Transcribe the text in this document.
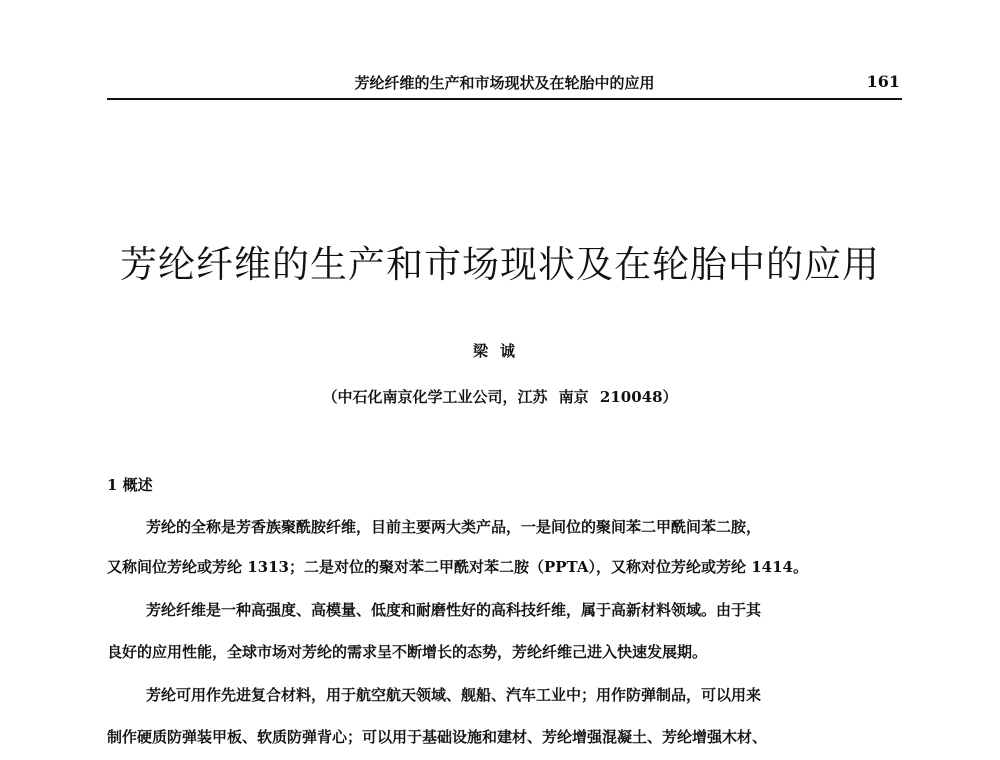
芳纶纤维的生产和市场现状及在轮胎中的应用	161
芳纶纤维的生产和市场现状及在轮胎中的应用
梁诚
（中石化南京化学工业公司，江苏 南京 210048）
1 概述
芳纶的全称是芳香族聚酰胺纤维，目前主要两大类产品，一是间位的聚间苯二甲酰间苯二胺，
又称间位芳纶或芳纶 1313；二是对位的聚对苯二甲酰对苯二胺（PPTA），又称对位芳纶或芳纶 1414。
芳纶纤维是一种高强度、高模量、低度和耐磨性好的高科技纤维，属于高新材料领域。由于其
良好的应用性能，全球市场对芳纶的需求呈不断增长的态势，芳纶纤维己进入快速发展期。
芳纶可用作先进复合材料，用于航空航天领域、舰船、汽车工业中；用作防弹制品，可以用来
制作硬质防弹装甲板、软质防弹背心；可以用于基础设施和建材、芳纶增强混凝土、芳纶增强木材、
